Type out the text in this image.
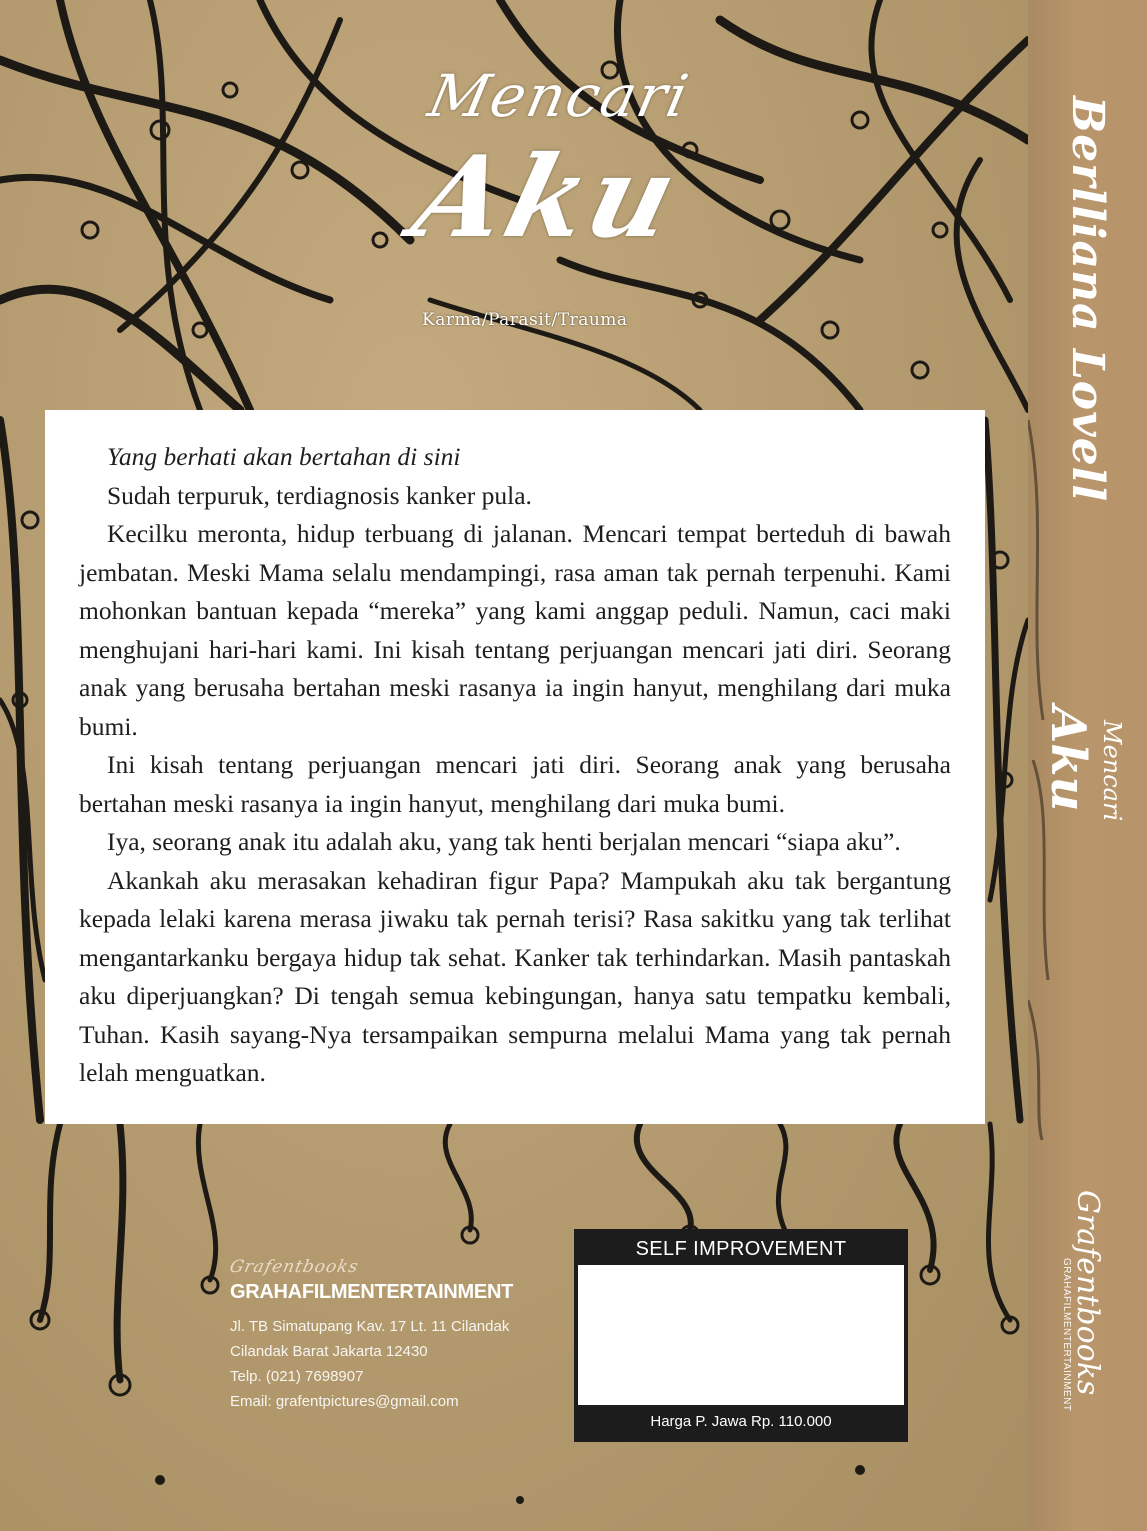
Mencari
Aku
Karma/Parasit/Trauma

Yang berhati akan bertahan di sini

Sudah terpuruk, terdiagnosis kanker pula.

Kecilku meronta, hidup terbuang di jalanan. Mencari tempat berteduh di bawah jembatan. Meski Mama selalu mendampingi, rasa aman tak pernah terpenuhi. Kami mohonkan bantuan kepada “mereka” yang kami anggap peduli. Namun, caci maki menghujani hari-hari kami. Ini kisah tentang perjuangan mencari jati diri. Seorang anak yang berusaha bertahan meski rasanya ia ingin hanyut, menghilang dari muka bumi.

Ini kisah tentang perjuangan mencari jati diri. Seorang anak yang berusaha bertahan meski rasanya ia ingin hanyut, menghilang dari muka bumi.

Iya, seorang anak itu adalah aku, yang tak henti berjalan mencari “siapa aku”.

Akankah aku merasakan kehadiran figur Papa? Mampukah aku tak bergantung kepada lelaki karena merasa jiwaku tak pernah terisi? Rasa sakitku yang tak terlihat mengantarkanku bergaya hidup tak sehat. Kanker tak terhindarkan. Masih pantaskah aku diperjuangkan? Di tengah semua kebingungan, hanya satu tempatku kembali, Tuhan. Kasih sayang-Nya tersampaikan sempurna melalui Mama yang tak pernah lelah menguatkan.

Grafentbooks
GRAHAFILMENTERTAINMENT
Jl. TB Simatupang Kav. 17 Lt. 11 Cilandak
Cilandak Barat Jakarta 12430
Telp. (021) 7698907
Email: grafentpictures@gmail.com
SELF IMPROVEMENT
Harga P. Jawa Rp. 110.000
Berlliana Lovell
Mencari
Aku
Grafentbooks
GRAHAFILMENTERTAINMENT
